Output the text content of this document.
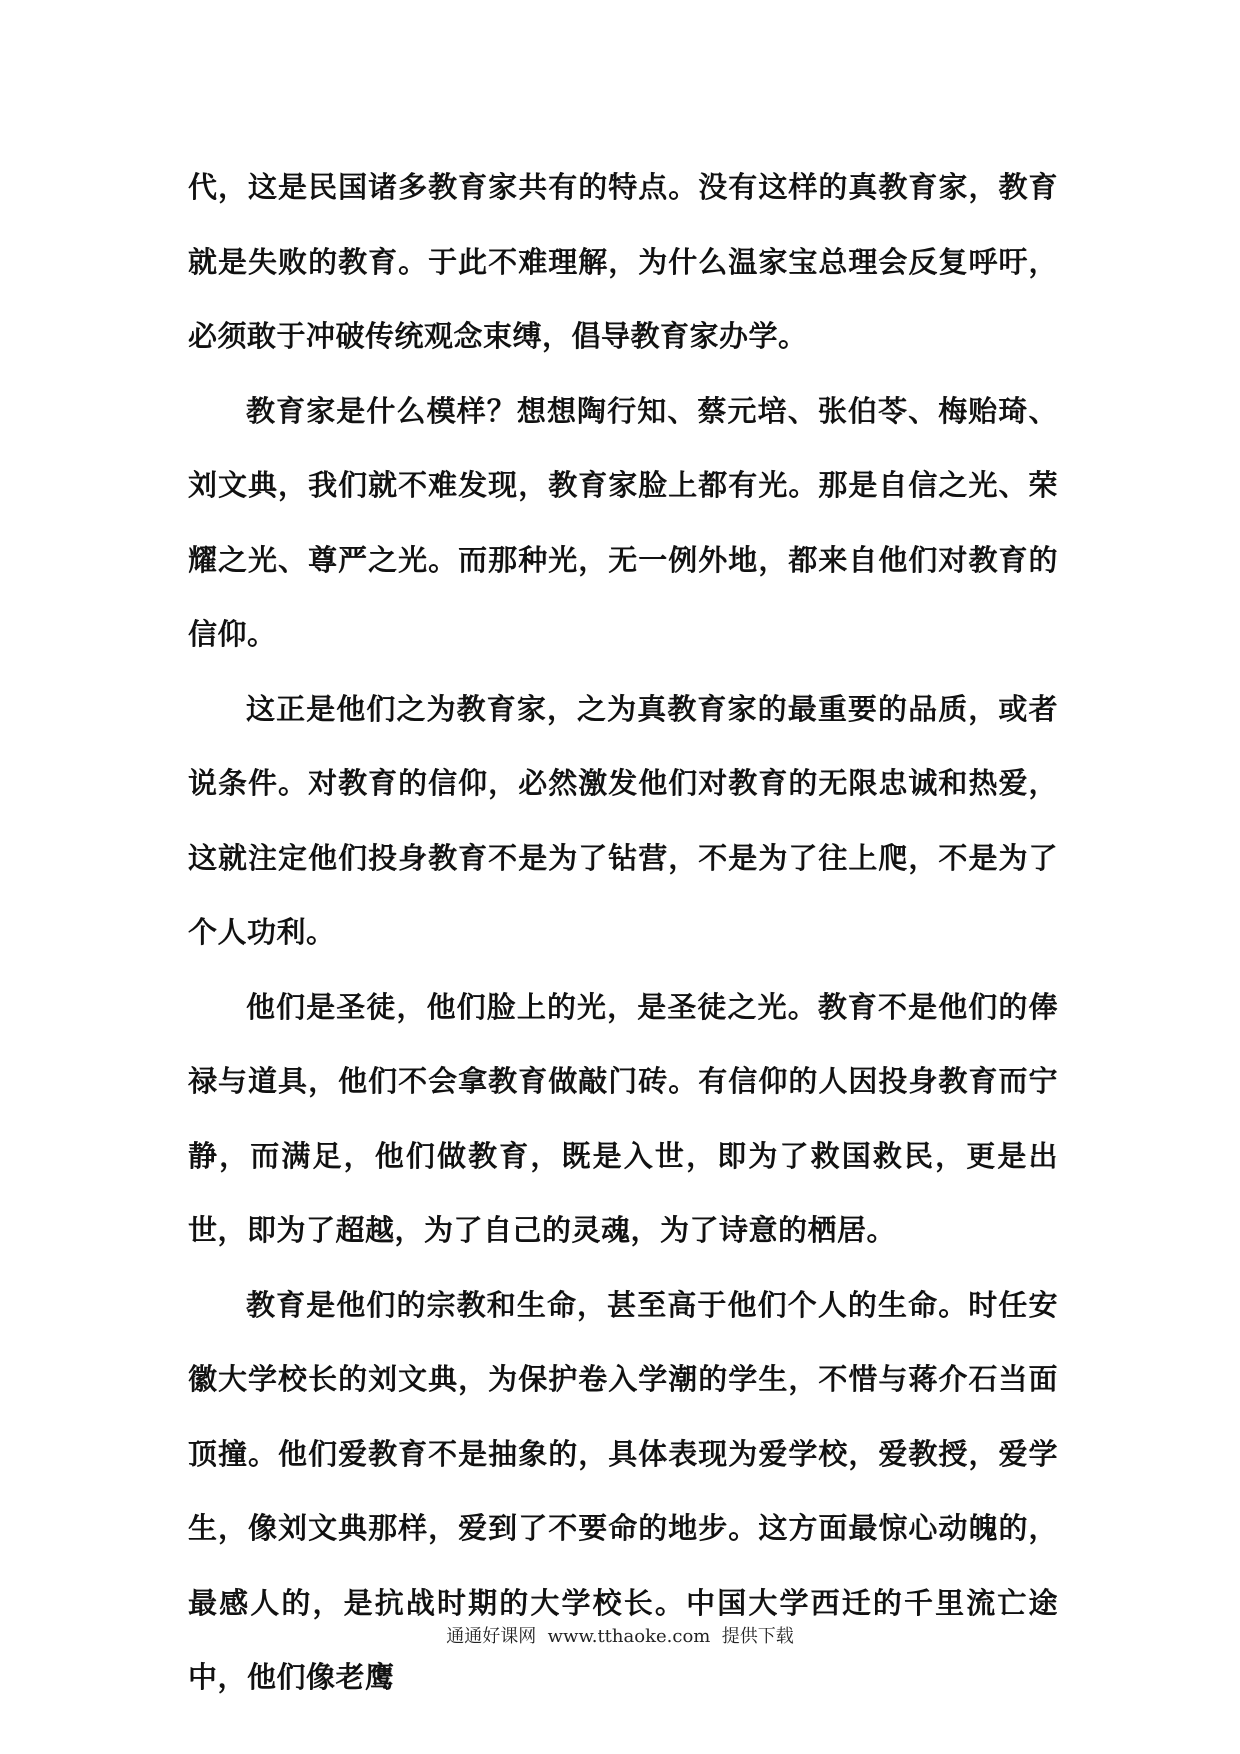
代，这是民国诸多教育家共有的特点。没有这样的真教育家，教育就是失败的教育。于此不难理解，为什么温家宝总理会反复呼吁，必须敢于冲破传统观念束缚，倡导教育家办学。

教育家是什么模样？想想陶行知、蔡元培、张伯苓、梅贻琦、刘文典，我们就不难发现，教育家脸上都有光。那是自信之光、荣耀之光、尊严之光。而那种光，无一例外地，都来自他们对教育的信仰。

这正是他们之为教育家，之为真教育家的最重要的品质，或者说条件。对教育的信仰，必然激发他们对教育的无限忠诚和热爱，这就注定他们投身教育不是为了钻营，不是为了往上爬，不是为了个人功利。

他们是圣徒，他们脸上的光，是圣徒之光。教育不是他们的俸禄与道具，他们不会拿教育做敲门砖。有信仰的人因投身教育而宁静，而满足，他们做教育，既是入世，即为了救国救民，更是出世，即为了超越，为了自己的灵魂，为了诗意的栖居。

教育是他们的宗教和生命，甚至高于他们个人的生命。时任安徽大学校长的刘文典，为保护卷入学潮的学生，不惜与蒋介石当面顶撞。他们爱教育不是抽象的，具体表现为爱学校，爱教授，爱学生，像刘文典那样，爱到了不要命的地步。这方面最惊心动魄的，最感人的，是抗战时期的大学校长。中国大学西迁的千里流亡途中，他们像老鹰

通通好课网  www.tthaoke.com  提供下载
